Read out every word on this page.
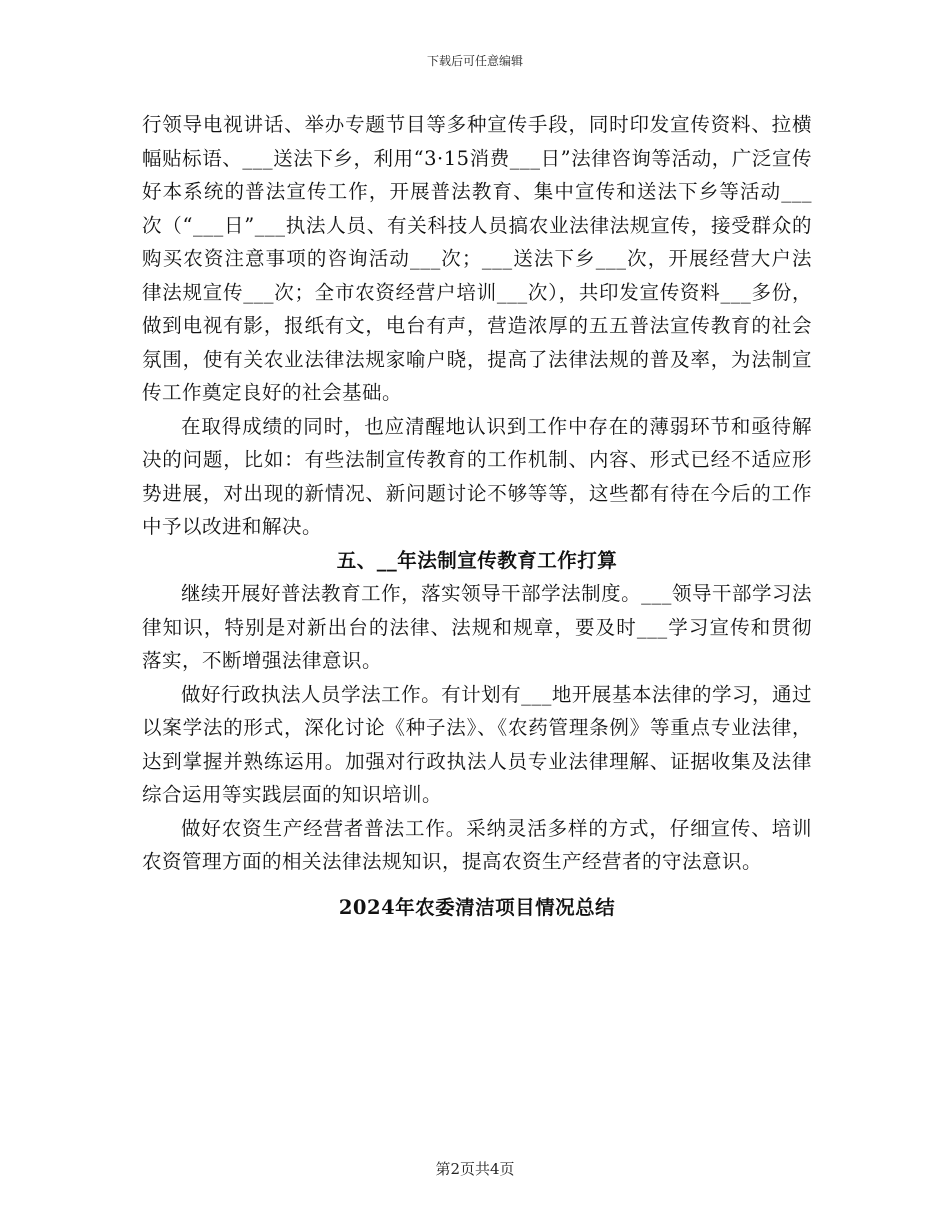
下载后可任意编辑

行领导电视讲话、举办专题节目等多种宣传手段，同时印发宣传资料、拉横幅贴标语、___送法下乡，利用“3·15消费___日”法律咨询等活动，广泛宣传好本系统的普法宣传工作，开展普法教育、集中宣传和送法下乡等活动___次（“___日”___执法人员、有关科技人员搞农业法律法规宣传，接受群众的购买农资注意事项的咨询活动___次；___送法下乡___次，开展经营大户法律法规宣传___次；全市农资经营户培训___次），共印发宣传资料___多份，做到电视有影，报纸有文，电台有声，营造浓厚的五五普法宣传教育的社会氛围，使有关农业法律法规家喻户晓，提高了法律法规的普及率，为法制宣传工作奠定良好的社会基础。

在取得成绩的同时，也应清醒地认识到工作中存在的薄弱环节和亟待解决的问题，比如：有些法制宣传教育的工作机制、内容、形式已经不适应形势进展，对出现的新情况、新问题讨论不够等等，这些都有待在今后的工作中予以改进和解决。

五、__年法制宣传教育工作打算

继续开展好普法教育工作，落实领导干部学法制度。___领导干部学习法律知识，特别是对新出台的法律、法规和规章，要及时___学习宣传和贯彻落实，不断增强法律意识。

做好行政执法人员学法工作。有计划有___地开展基本法律的学习，通过以案学法的形式，深化讨论《种子法》、《农药管理条例》等重点专业法律，达到掌握并熟练运用。加强对行政执法人员专业法律理解、证据收集及法律综合运用等实践层面的知识培训。

做好农资生产经营者普法工作。采纳灵活多样的方式，仔细宣传、培训农资管理方面的相关法律法规知识，提高农资生产经营者的守法意识。

2024年农委清洁项目情况总结

第2页共4页
